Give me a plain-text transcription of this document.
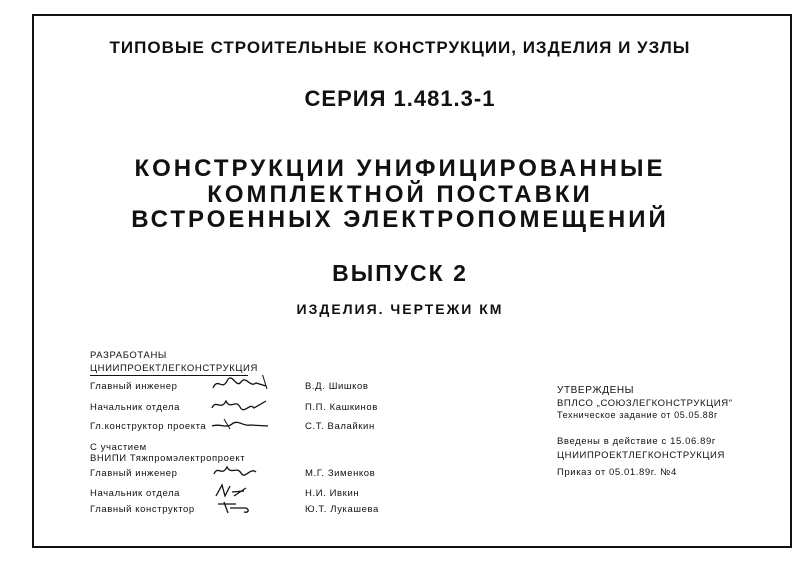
ТИПОВЫЕ СТРОИТЕЛЬНЫЕ КОНСТРУКЦИИ, ИЗДЕЛИЯ И УЗЛЫ
СЕРИЯ 1.481.3-1
КОНСТРУКЦИИ УНИФИЦИРОВАННЫЕ
КОМПЛЕКТНОЙ ПОСТАВКИ
ВСТРОЕННЫХ ЭЛЕКТРОПОМЕЩЕНИЙ
ВЫПУСК 2
ИЗДЕЛИЯ. ЧЕРТЕЖИ КМ
РАЗРАБОТАНЫ
ЦНИИПРОЕКТЛЕГКОНСТРУКЦИЯ
Главный инженер	В.Д. Шишков
Начальник отдела	П.П. Кашкинов
Гл.конструктор проекта	С.Т. Валайкин
С участием
ВНИПИ Тяжпромэлектропроект
Главный инженер	М.Г. Зименков
Начальник отдела	Н.И. Ивкин
Главный конструктор	Ю.Т. Лукашева
УТВЕРЖДЕНЫ
ВПЛСО „СОЮЗЛЕГКОНСТРУКЦИЯ"
Техническое задание от 05.05.88г
Введены в действие с 15.06.89г
ЦНИИПРОЕКТЛЕГКОНСТРУКЦИЯ
Приказ от 05.01.89г. №4
